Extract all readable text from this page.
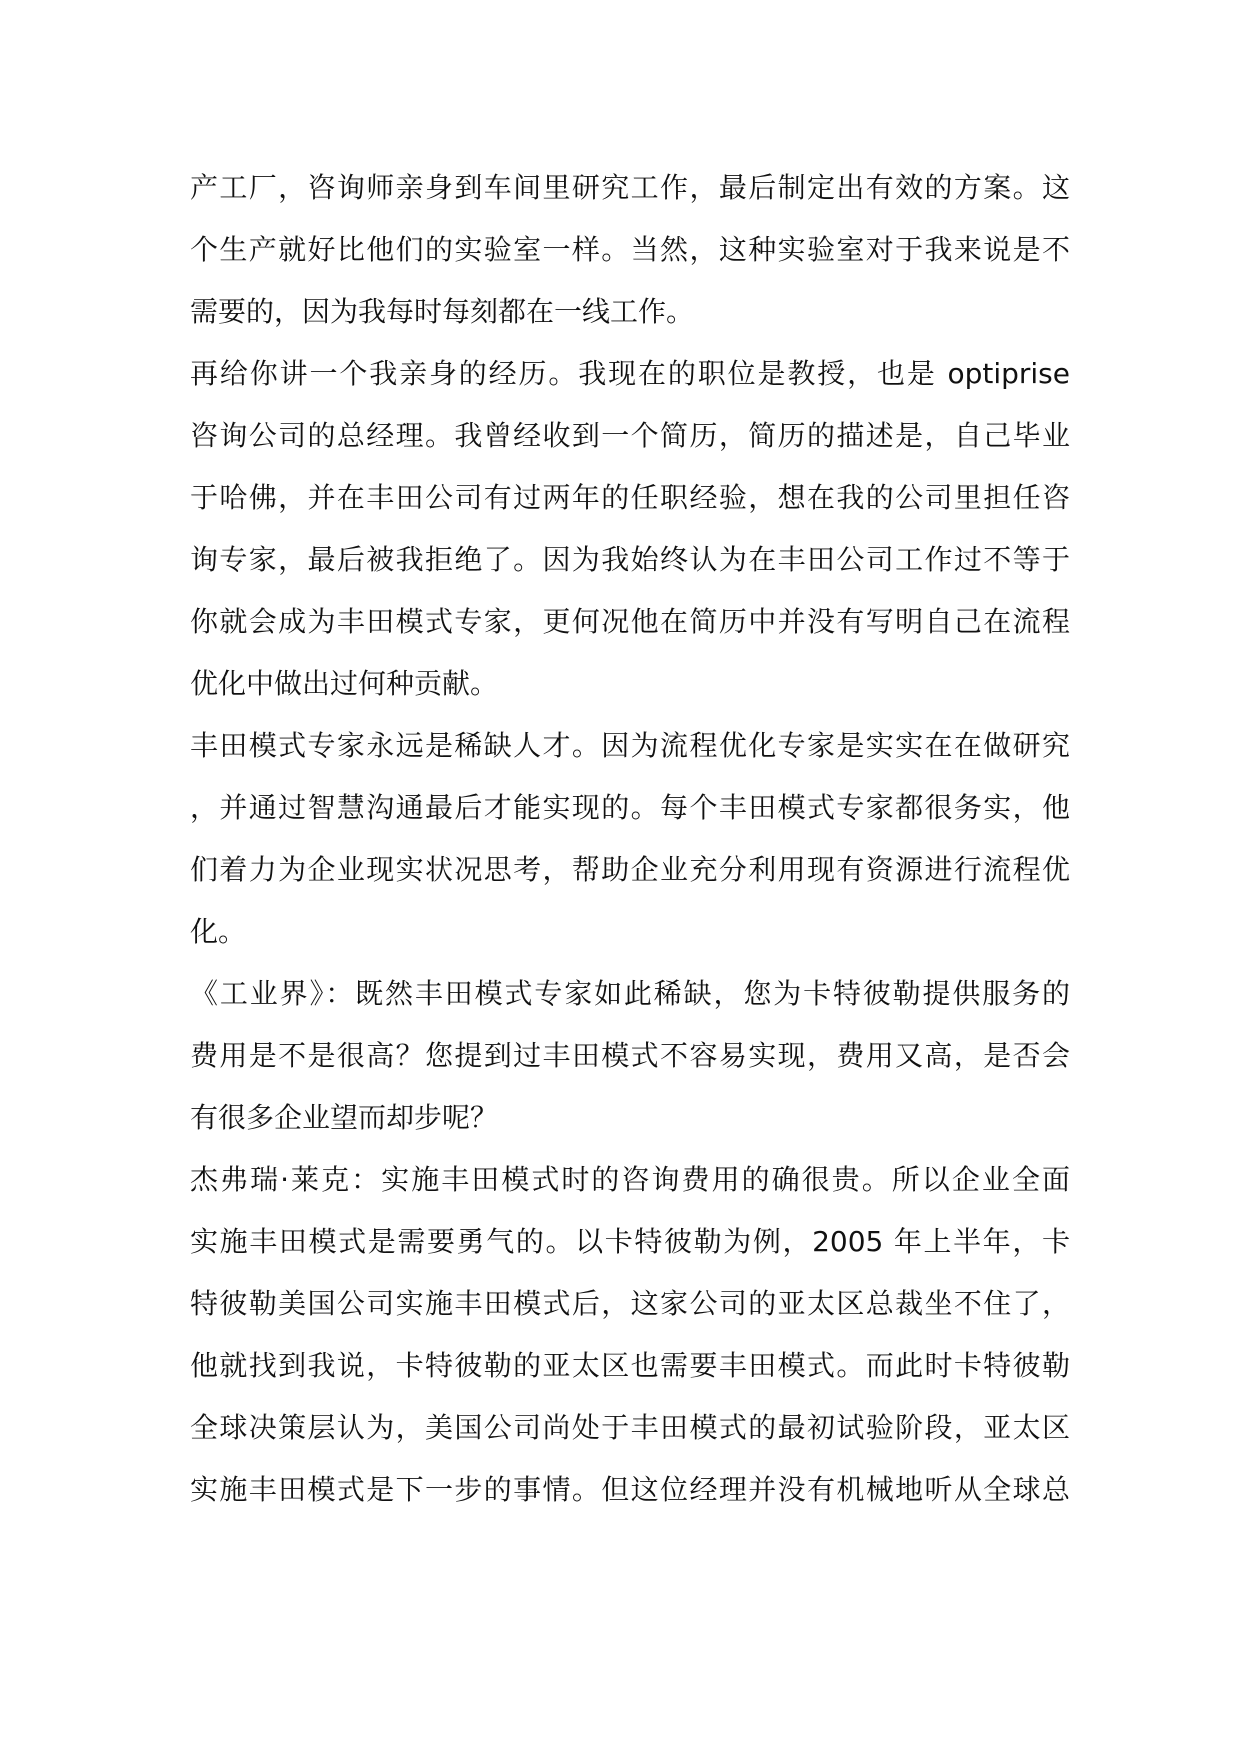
产工厂，咨询师亲身到车间里研究工作，最后制定出有效的方案。这
个生产就好比他们的实验室一样。当然，这种实验室对于我来说是不
需要的，因为我每时每刻都在一线工作。
再给你讲一个我亲身的经历。我现在的职位是教授，也是 optiprise
咨询公司的总经理。我曾经收到一个简历，简历的描述是，自己毕业
于哈佛，并在丰田公司有过两年的任职经验，想在我的公司里担任咨
询专家，最后被我拒绝了。因为我始终认为在丰田公司工作过不等于
你就会成为丰田模式专家，更何况他在简历中并没有写明自己在流程
优化中做出过何种贡献。
丰田模式专家永远是稀缺人才。因为流程优化专家是实实在在做研究
，并通过智慧沟通最后才能实现的。每个丰田模式专家都很务实，他
们着力为企业现实状况思考，帮助企业充分利用现有资源进行流程优
化。
《工业界》：既然丰田模式专家如此稀缺，您为卡特彼勒提供服务的
费用是不是很高？您提到过丰田模式不容易实现，费用又高，是否会
有很多企业望而却步呢？
杰弗瑞·莱克：实施丰田模式时的咨询费用的确很贵。所以企业全面
实施丰田模式是需要勇气的。以卡特彼勒为例，2005 年上半年，卡
特彼勒美国公司实施丰田模式后，这家公司的亚太区总裁坐不住了，
他就找到我说，卡特彼勒的亚太区也需要丰田模式。而此时卡特彼勒
全球决策层认为，美国公司尚处于丰田模式的最初试验阶段，亚太区
实施丰田模式是下一步的事情。但这位经理并没有机械地听从全球总
